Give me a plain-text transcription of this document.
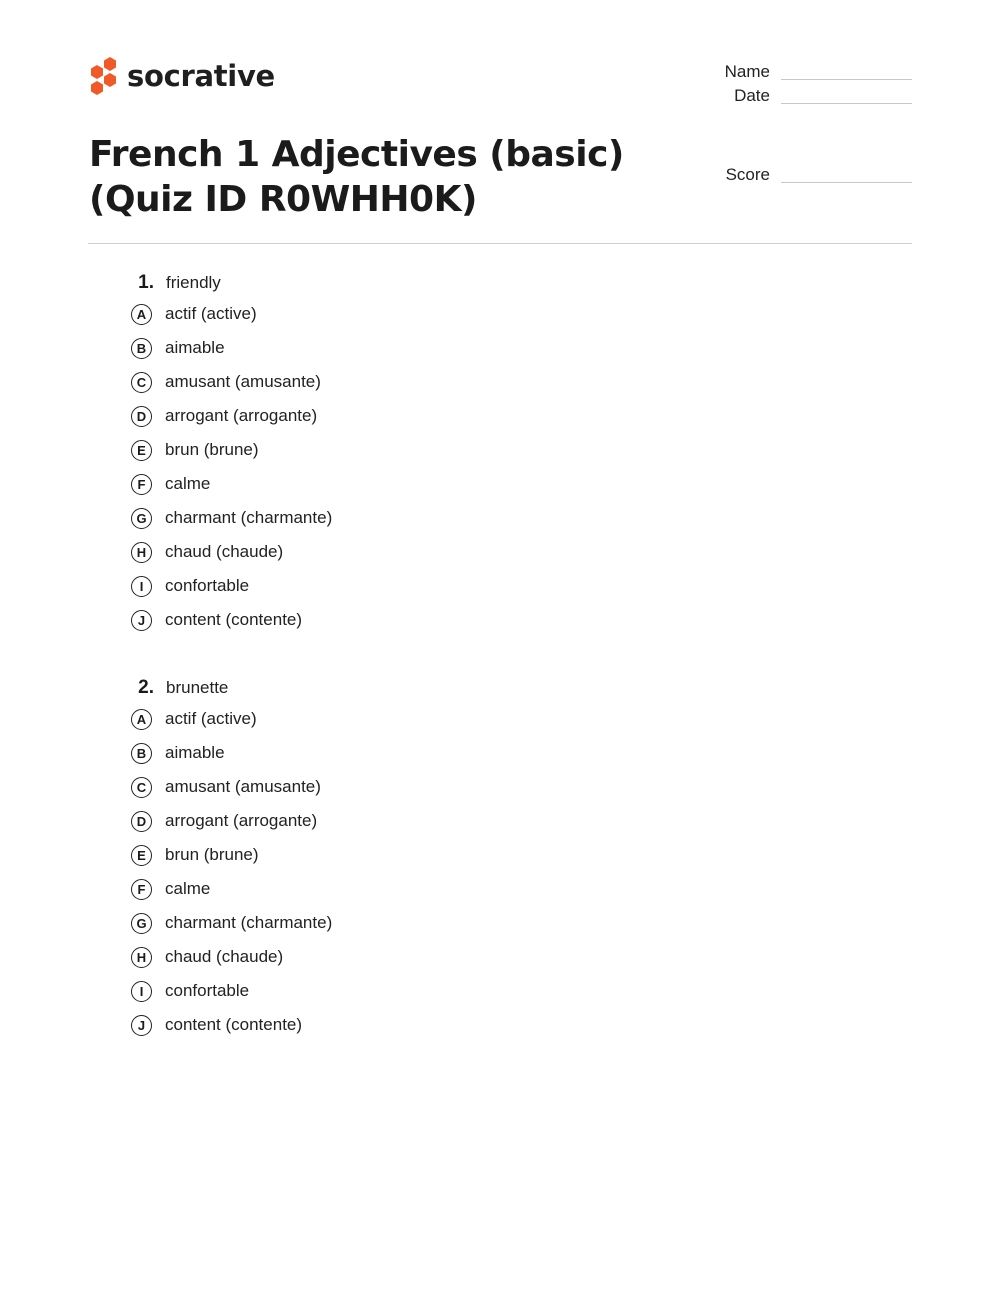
socrative
French 1 Adjectives (basic) (Quiz ID R0WHH0K)
Name
Date
Score
1. friendly
A	actif (active)
B	aimable
C	amusant (amusante)
D	arrogant (arrogante)
E	brun (brune)
F	calme
G	charmant (charmante)
H	chaud (chaude)
I	confortable
J	content (contente)
2. brunette
A	actif (active)
B	aimable
C	amusant (amusante)
D	arrogant (arrogante)
E	brun (brune)
F	calme
G	charmant (charmante)
H	chaud (chaude)
I	confortable
J	content (contente)
